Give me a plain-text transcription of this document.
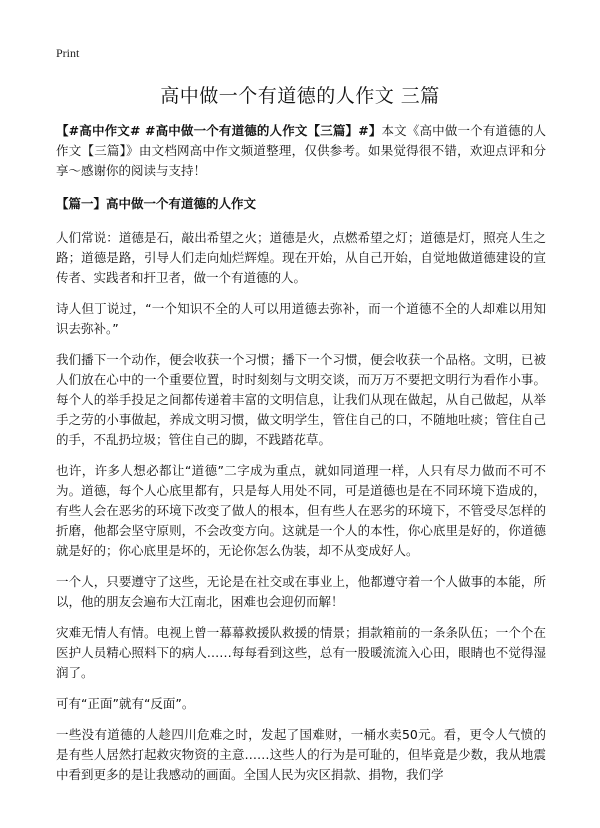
Print
高中做一个有道德的人作文 三篇

【#高中作文# #高中做一个有道德的人作文【三篇】#】本文《高中做一个有道德的人作文【三篇】》由文档网高中作文频道整理，仅供参考。如果觉得很不错，欢迎点评和分享～感谢你的阅读与支持！

【篇一】高中做一个有道德的人作文

人们常说：道德是石，敲出希望之火；道德是火，点燃希望之灯；道德是灯，照亮人生之路；道德是路，引导人们走向灿烂辉煌。现在开始，从自己开始，自觉地做道德建设的宣传者、实践者和扞卫者，做一个有道德的人。

诗人但丁说过，“一个知识不全的人可以用道德去弥补，而一个道德不全的人却难以用知识去弥补。”

我们播下一个动作，便会收获一个习惯；播下一个习惯，便会收获一个品格。文明，已被人们放在心中的一个重要位置，时时刻刻与文明交谈，而万万不要把文明行为看作小事。每个人的举手投足之间都传递着丰富的文明信息，让我们从现在做起，从自己做起，从举手之劳的小事做起，养成文明习惯，做文明学生，管住自己的口，不随地吐痰；管住自己的手，不乱扔垃圾；管住自己的脚，不践踏花草。

也许，许多人想必都让“道德”二字成为重点，就如同道理一样，人只有尽力做而不可不为。道德，每个人心底里都有，只是每人用处不同，可是道德也是在不同环境下造成的，有些人会在恶劣的环境下改变了做人的根本，但有些人在恶劣的环境下，不管受尽怎样的折磨，他都会坚守原则，不会改变方向。这就是一个人的本性，你心底里是好的，你道德就是好的；你心底里是坏的，无论你怎么伪装，却不从变成好人。

一个人，只要遵守了这些，无论是在社交或在事业上，他都遵守着一个人做事的本能，所以，他的朋友会遍布大江南北，困难也会迎仞而解！

灾难无情人有情。电视上曾一幕幕救援队救援的情景；捐款箱前的一条条队伍；一个个在医护人员精心照料下的病人……每每看到这些，总有一股暖流流入心田，眼睛也不觉得湿润了。

可有“正面”就有“反面”。

一些没有道德的人趁四川危难之时，发起了国难财，一桶水卖50元。看，更令人气愤的是有些人居然打起救灾物资的主意……这些人的行为是可耻的，但毕竟是少数，我从地震中看到更多的是让我感动的画面。全国人民为灾区捐款、捐物，我们学
